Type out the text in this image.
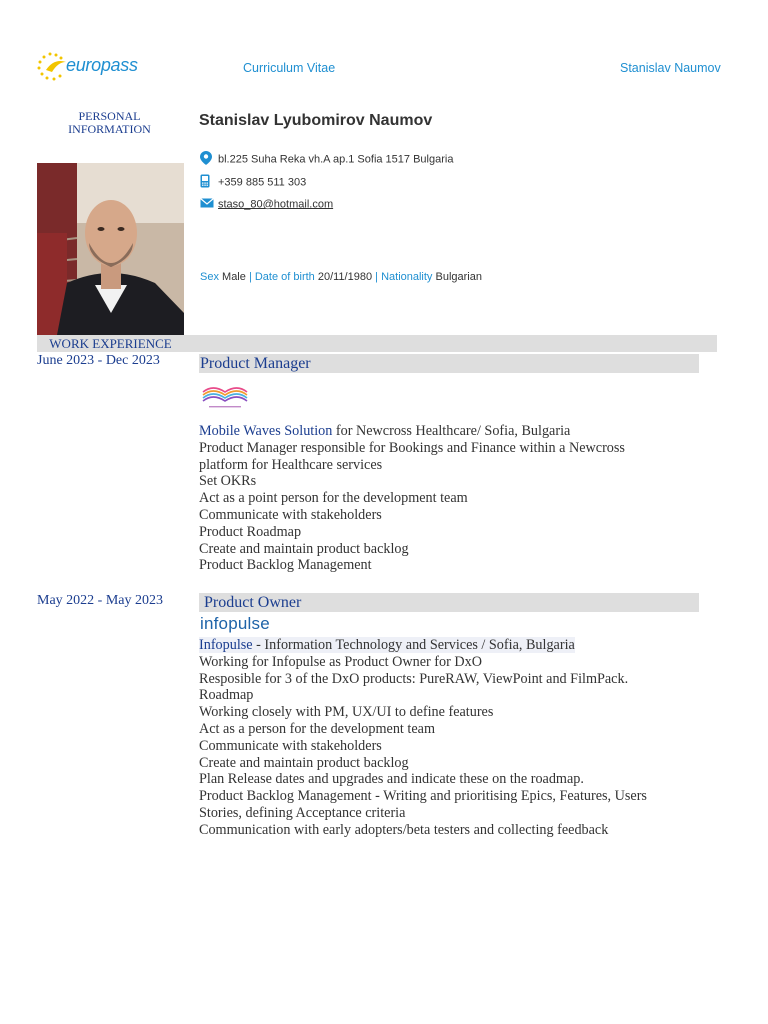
europass	Curriculum Vitae	Stanislav Naumov
PERSONAL
INFORMATION	Stanislav Lyubomirov Naumov
bl.225 Suha Reka vh.A ap.1 Sofia 1517 Bulgaria
+359 885 511 303
staso_80@hotmail.com
Sex Male | Date of birth 20/11/1980 | Nationality Bulgarian
WORK EXPERIENCE
June 2023 - Dec 2023	Product Manager
Mobile Waves Solution for Newcross Healthcare/ Sofia, Bulgaria
Product Manager responsible for Bookings and Finance within a Newcross
platform for Healthcare services
Set OKRs
Act as a point person for the development team
Communicate with stakeholders
Product Roadmap
Create and maintain product backlog
Product Backlog Management
May 2022 - May 2023	Product Owner
infopulse
Infopulse - Information Technology and Services / Sofia, Bulgaria
Working for Infopulse as Product Owner for DxO
Resposible for 3 of the DxO products: PureRAW, ViewPoint and FilmPack.
Roadmap
Working closely with PM, UX/UI to define features
Act as a person for the development team
Communicate with stakeholders
Create and maintain product backlog
Plan Release dates and upgrades and indicate these on the roadmap.
Product Backlog Management - Writing and prioritising Epics, Features, Users
Stories, defining Acceptance criteria
Communication with early adopters/beta testers and collecting feedback
